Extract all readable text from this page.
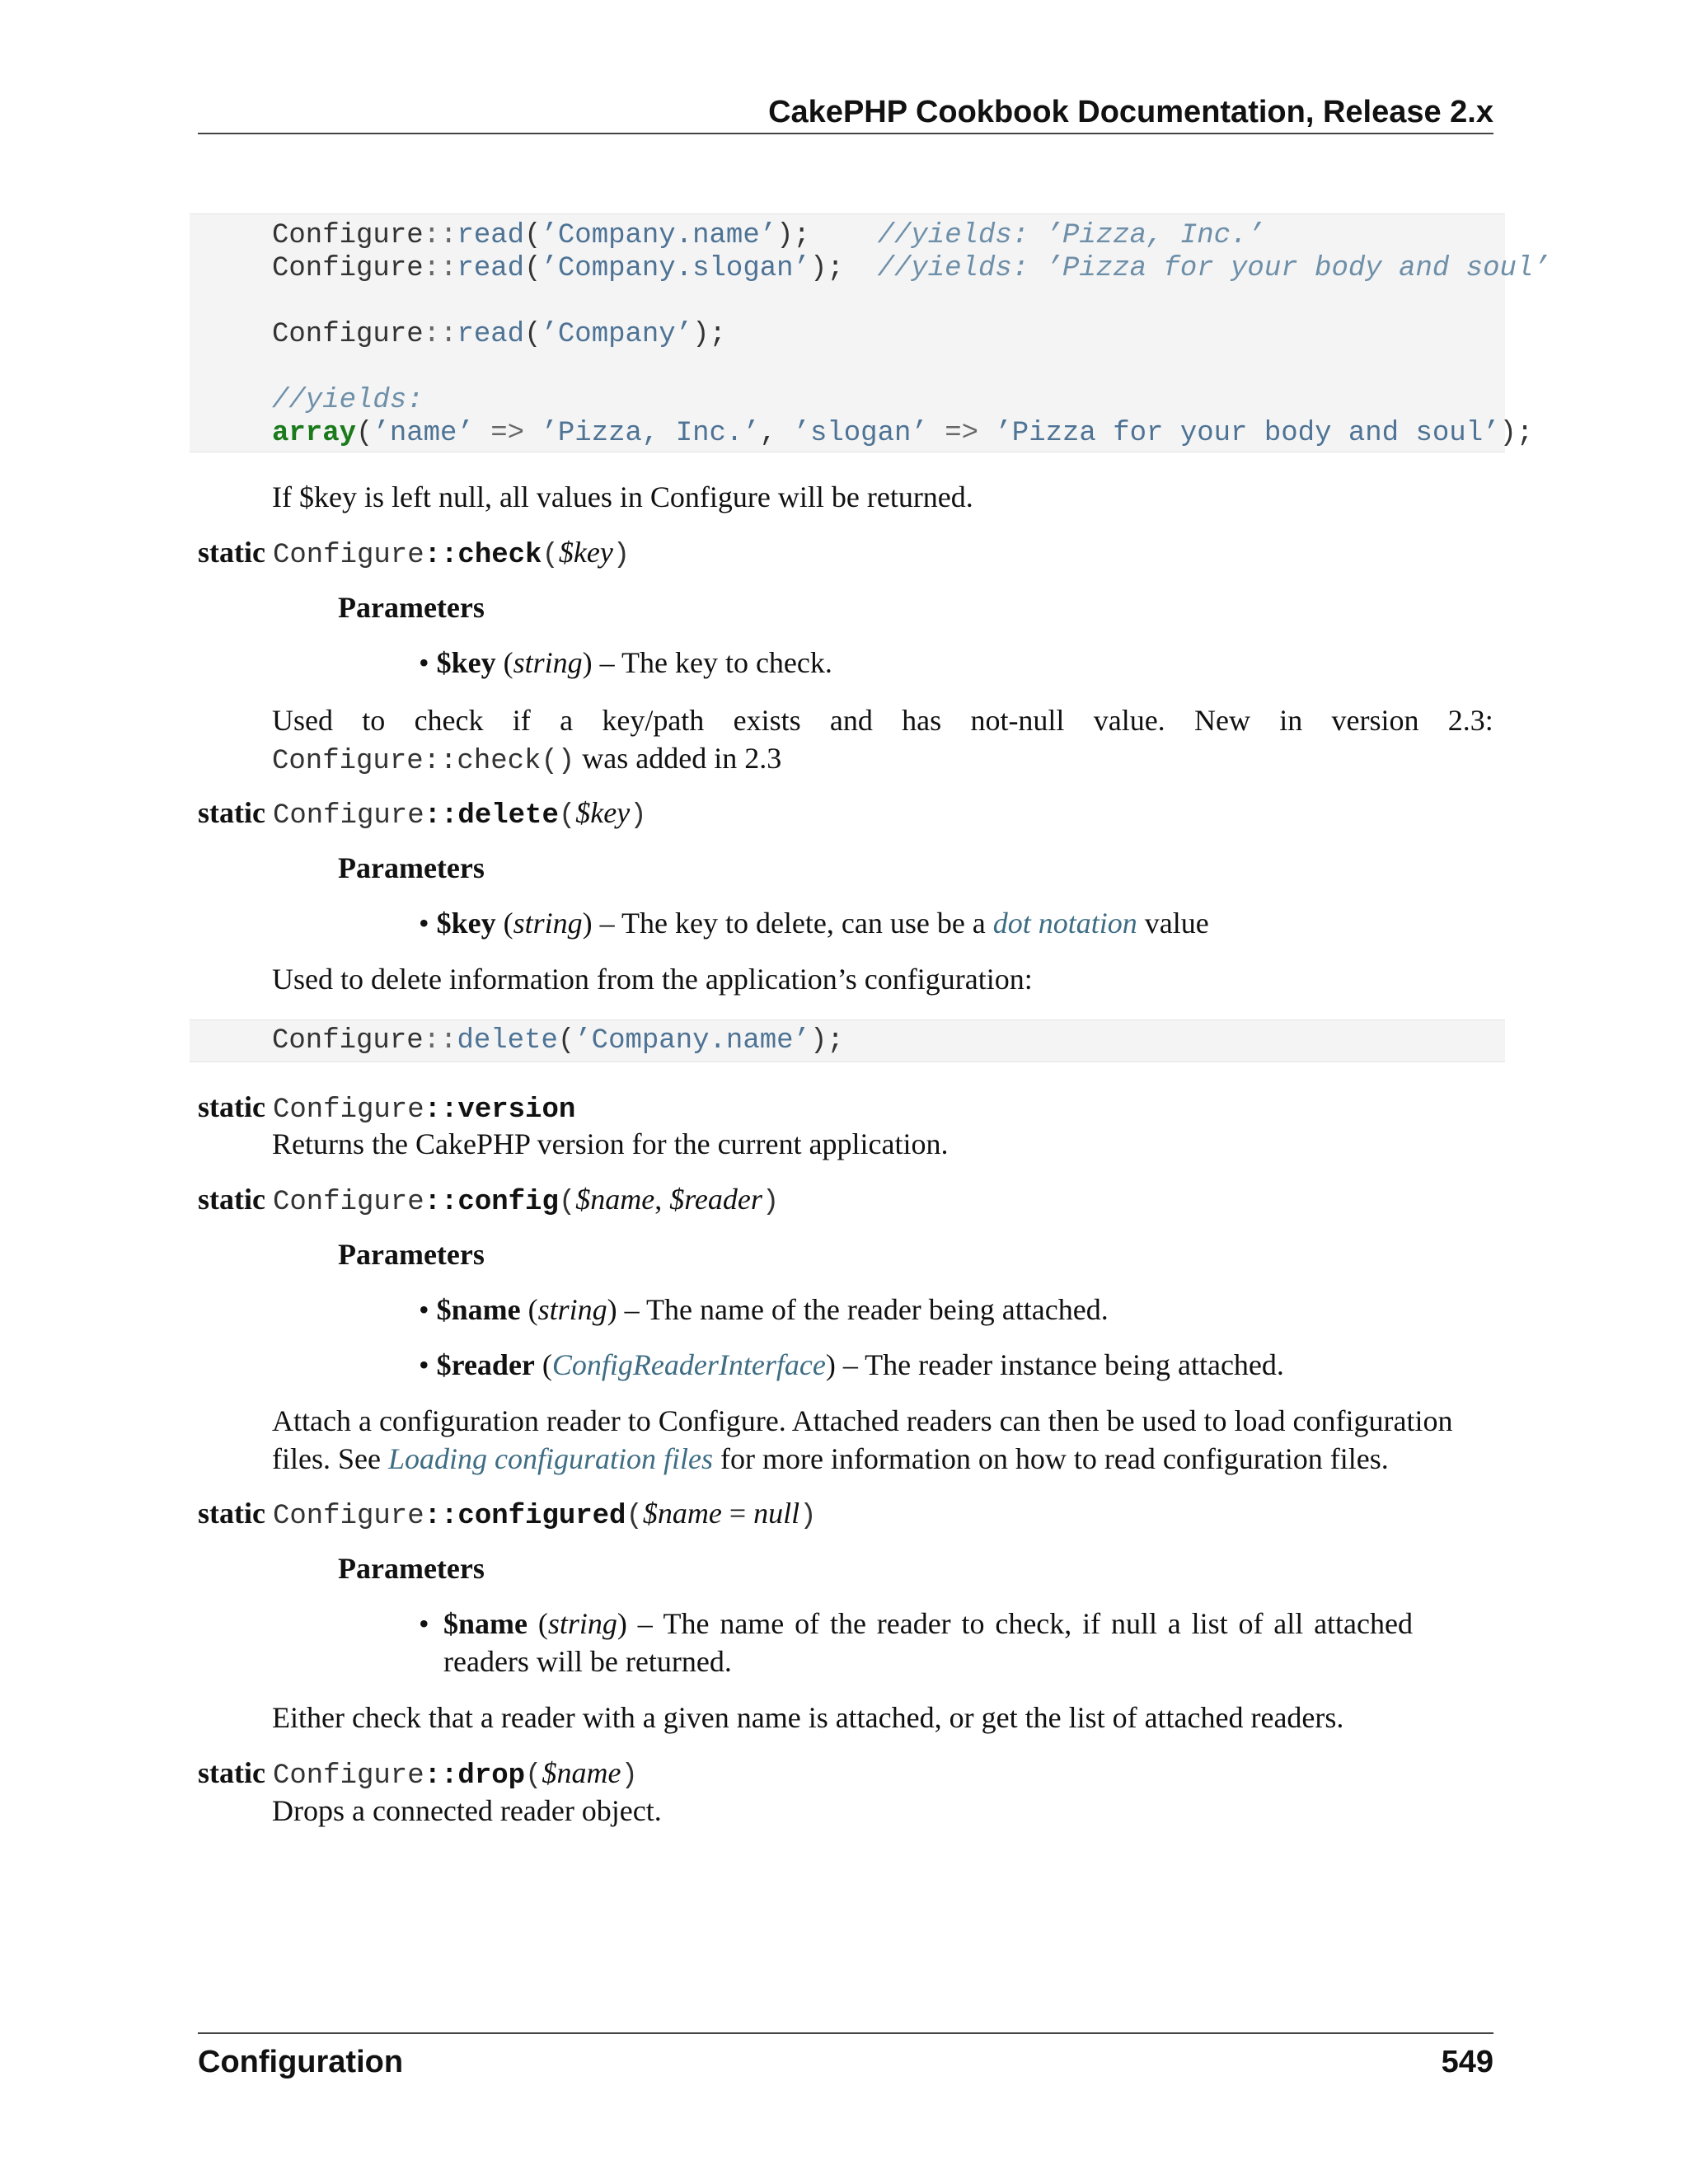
CakePHP Cookbook Documentation, Release 2.x
Configure::read(’Company.name’); //yields: ’Pizza, Inc.’
Configure::read(’Company.slogan’); //yields: ’Pizza for your body and soul’
Configure::read(’Company’);
//yields:
array(’name’ => ’Pizza, Inc.’, ’slogan’ => ’Pizza for your body and soul’);
If $key is left null, all values in Configure will be returned.
static Configure::check($key)
Parameters
• $key (string) – The key to check.
Used to check if a key/path exists and has not-null value. New in version 2.3:
Configure::check() was added in 2.3
static Configure::delete($key)
Parameters
• $key (string) – The key to delete, can use be a dot notation value
Used to delete information from the application’s configuration:
Configure::delete(’Company.name’);
static Configure::version
Returns the CakePHP version for the current application.
static Configure::config($name, $reader)
Parameters
• $name (string) – The name of the reader being attached.
• $reader (ConfigReaderInterface) – The reader instance being attached.
Attach a configuration reader to Configure. Attached readers can then be used to load configuration
files. See Loading configuration files for more information on how to read configuration files.
static Configure::configured($name = null)
Parameters
• $name (string) – The name of the reader to check, if null a list of all attached
readers will be returned.
Either check that a reader with a given name is attached, or get the list of attached readers.
static Configure::drop($name)
Drops a connected reader object.
Configuration	549
